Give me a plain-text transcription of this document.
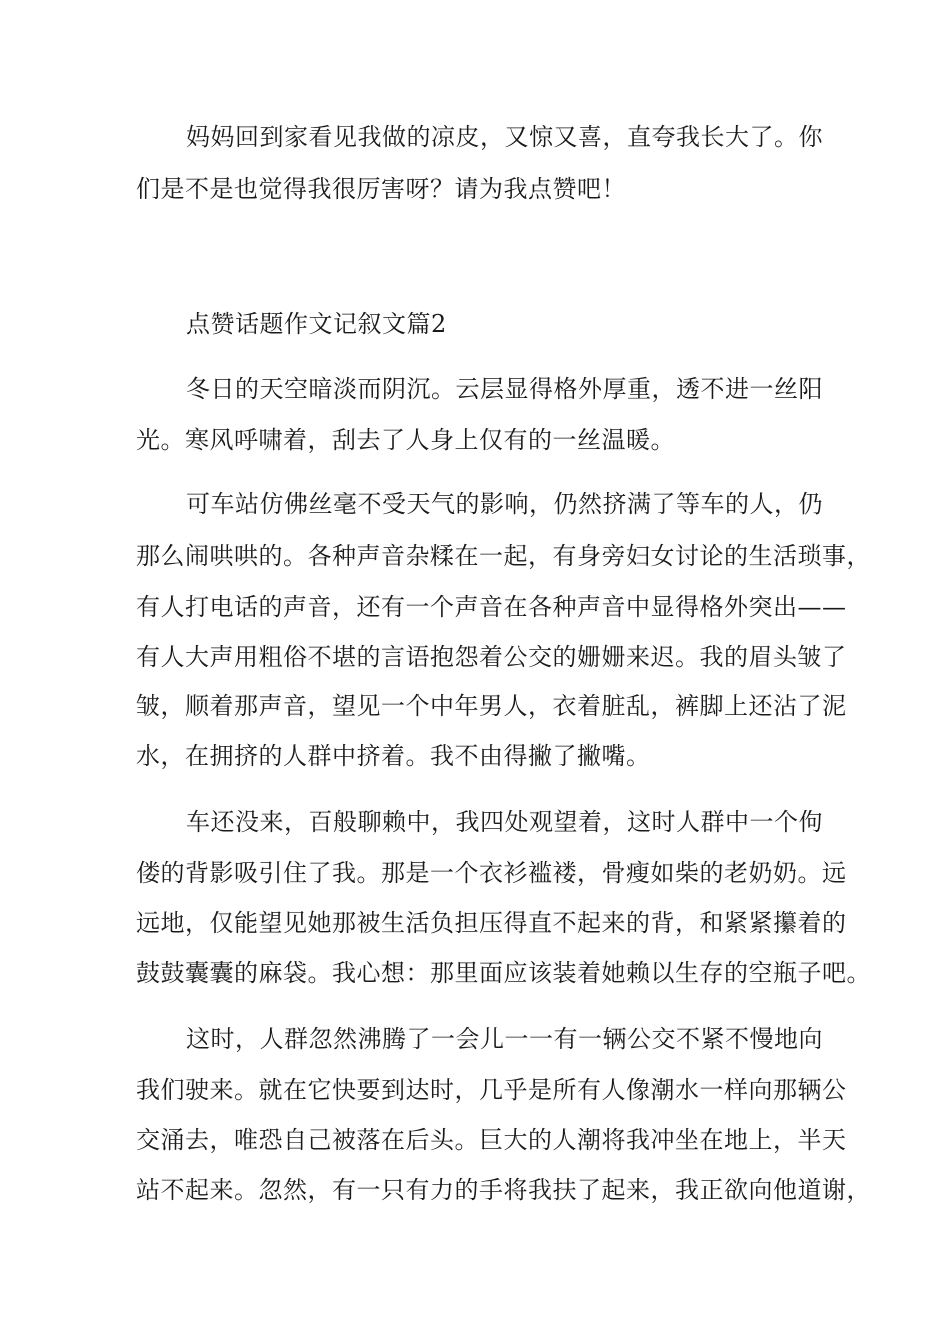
妈妈回到家看见我做的凉皮，又惊又喜，直夸我长大了。你
们是不是也觉得我很厉害呀？请为我点赞吧！
点赞话题作文记叙文篇2
冬日的天空暗淡而阴沉。云层显得格外厚重，透不进一丝阳
光。寒风呼啸着，刮去了人身上仅有的一丝温暖。
可车站仿佛丝毫不受天气的影响，仍然挤满了等车的人，仍
那么闹哄哄的。各种声音杂糅在一起，有身旁妇女讨论的生活琐事，
有人打电话的声音，还有一个声音在各种声音中显得格外突出——
有人大声用粗俗不堪的言语抱怨着公交的姗姗来迟。我的眉头皱了
皱，顺着那声音，望见一个中年男人，衣着脏乱，裤脚上还沾了泥
水，在拥挤的人群中挤着。我不由得撇了撇嘴。
车还没来，百般聊赖中，我四处观望着，这时人群中一个佝
偻的背影吸引住了我。那是一个衣衫褴褛，骨瘦如柴的老奶奶。远
远地，仅能望见她那被生活负担压得直不起来的背，和紧紧攥着的
鼓鼓囊囊的麻袋。我心想：那里面应该装着她赖以生存的空瓶子吧。
这时，人群忽然沸腾了一会儿一一有一辆公交不紧不慢地向
我们驶来。就在它快要到达时，几乎是所有人像潮水一样向那辆公
交涌去，唯恐自己被落在后头。巨大的人潮将我冲坐在地上，半天
站不起来。忽然，有一只有力的手将我扶了起来，我正欲向他道谢，
